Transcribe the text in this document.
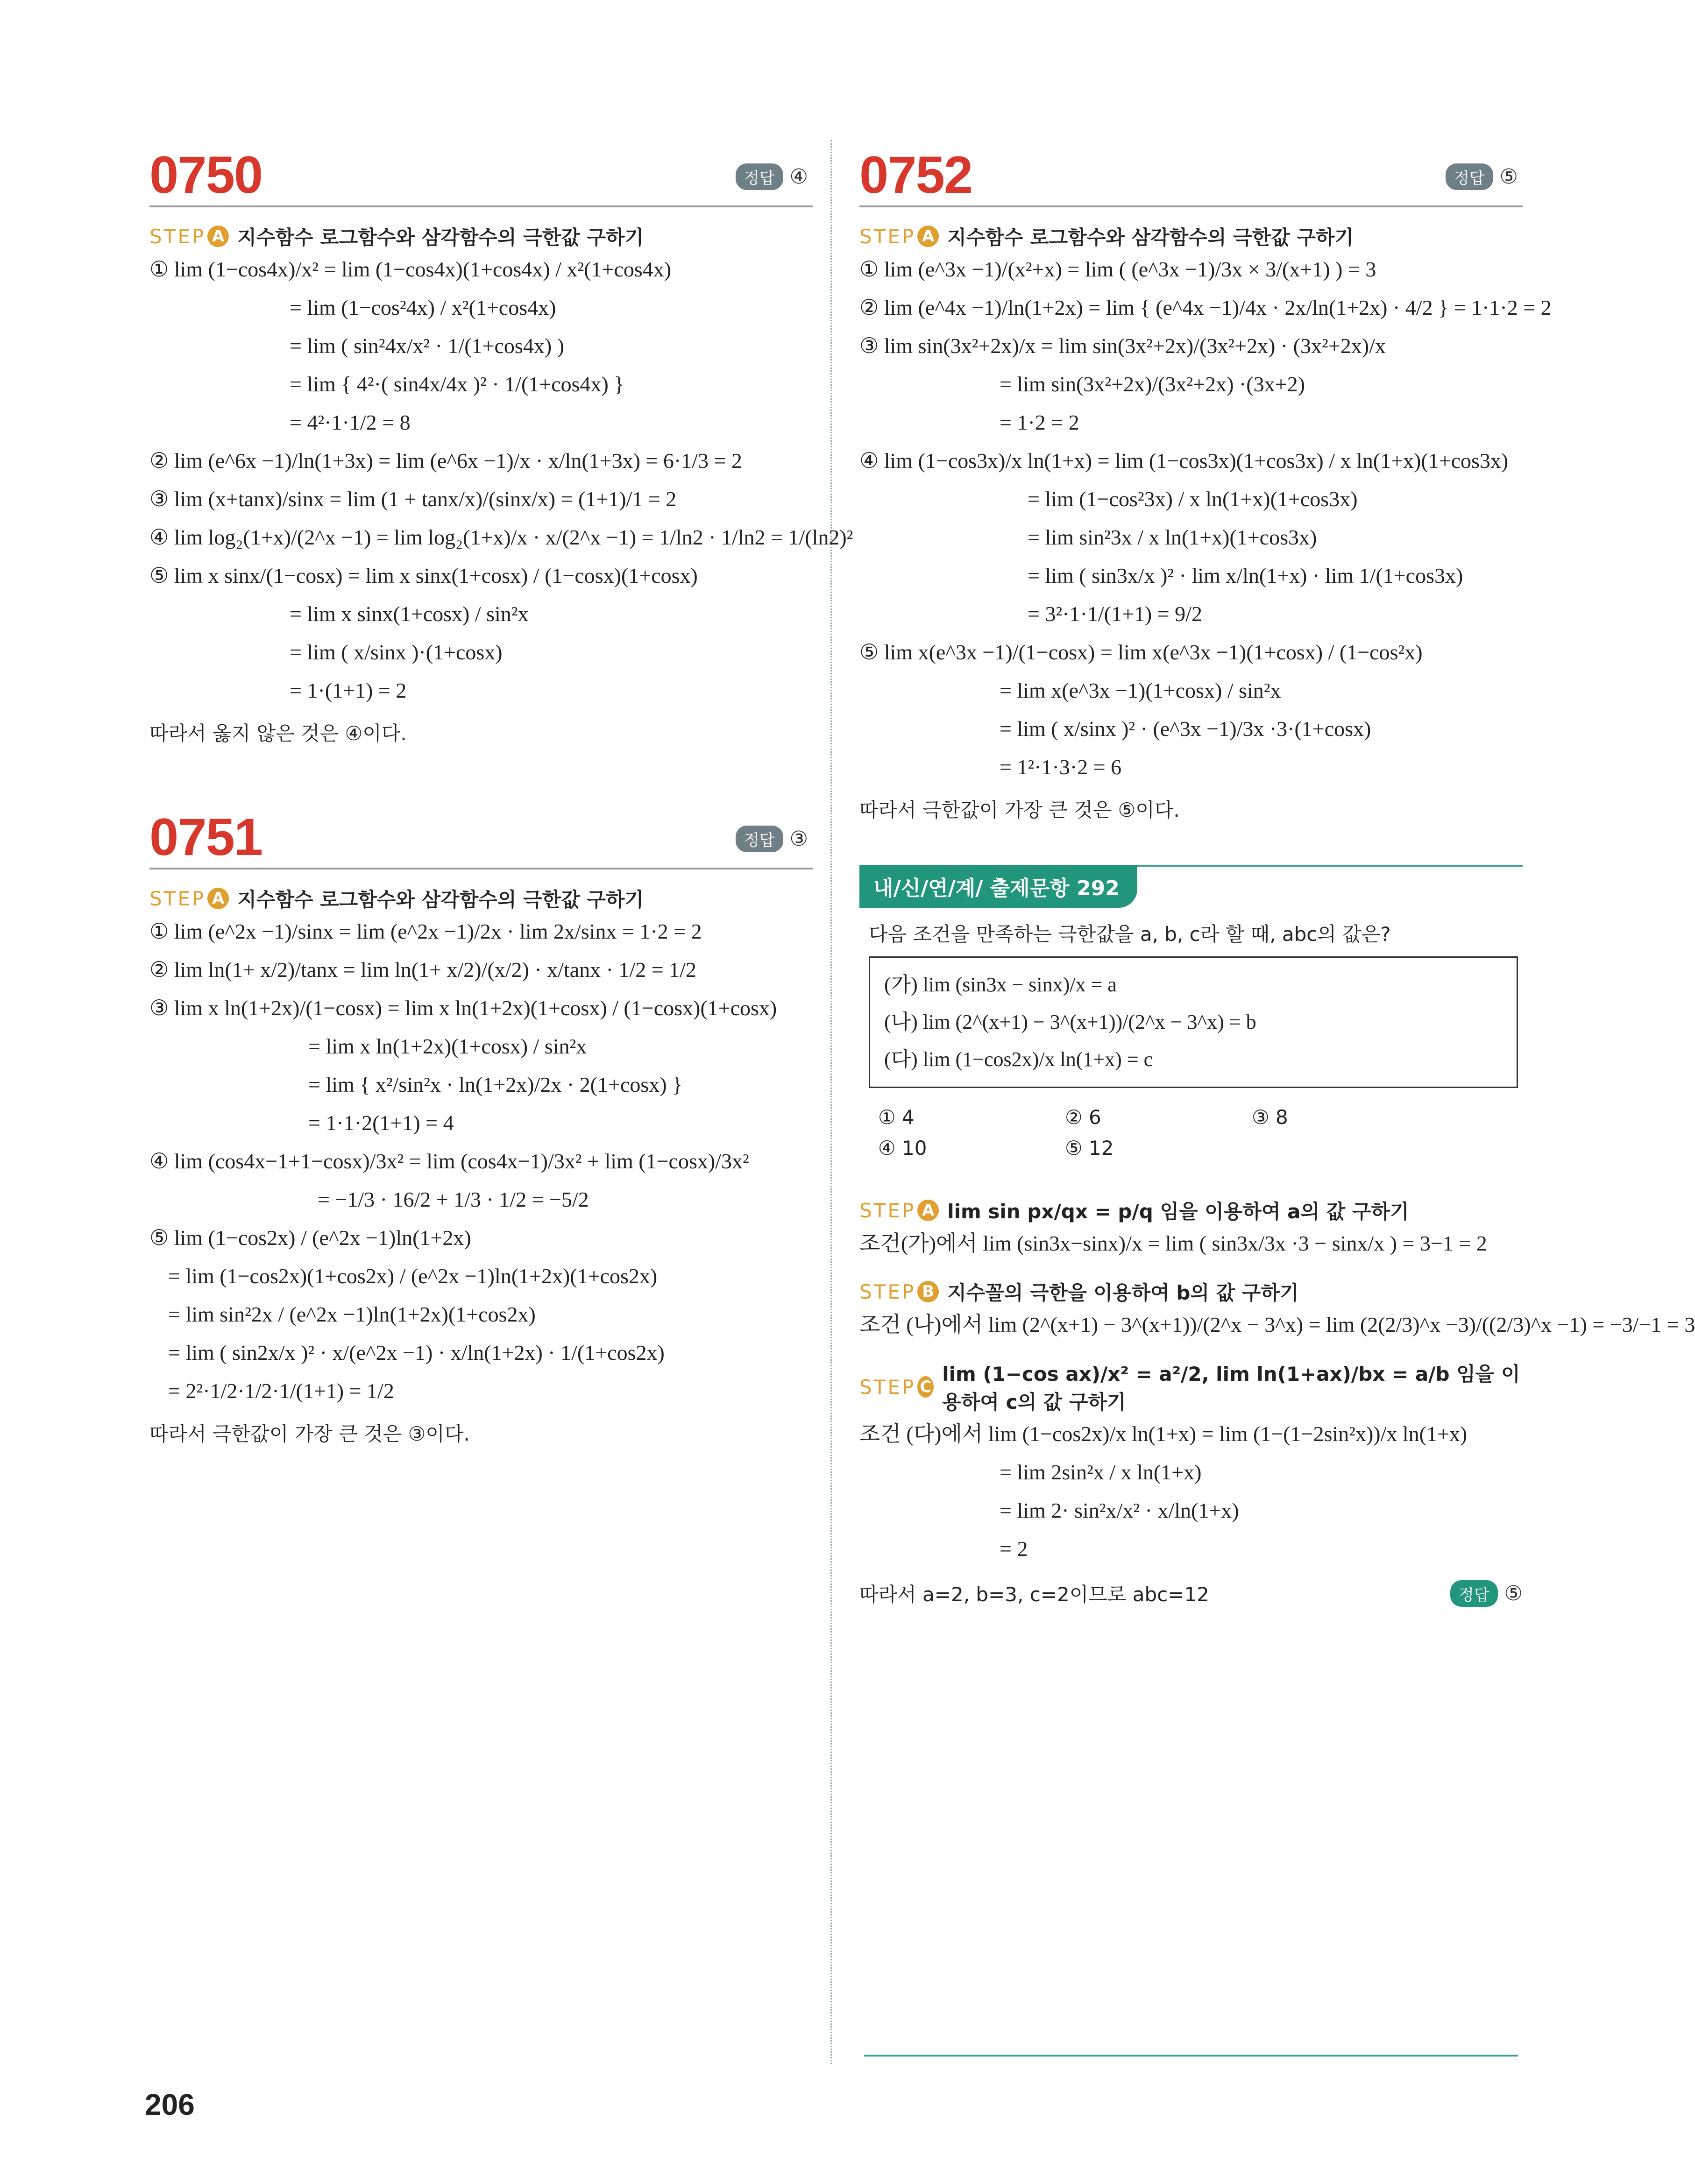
0750	정답 ④
STEP A 지수함수 로그함수와 삼각함수의 극한값 구하기
① lim (1−cos4x)/x² = lim (1−cos4x)(1+cos4x) / x²(1+cos4x)
= lim (1−cos²4x) / x²(1+cos4x)
= lim ( sin²4x/x² · 1/(1+cos4x) )
= lim { 4²·( sin4x/4x )² · 1/(1+cos4x) }
= 4²·1·1/2 = 8
② lim (e^6x −1)/ln(1+3x) = lim (e^6x −1)/x · x/ln(1+3x) = 6·1/3 = 2
③ lim (x+tanx)/sinx = lim (1 + tanx/x)/(sinx/x) = (1+1)/1 = 2
④ lim log₂(1+x)/(2^x −1) = lim log₂(1+x)/x · x/(2^x −1) = 1/ln2 · 1/ln2 = 1/(ln2)²
⑤ lim x sinx/(1−cosx) = lim x sinx(1+cosx) / (1−cosx)(1+cosx)
= lim x sinx(1+cosx) / sin²x
= lim ( x/sinx )·(1+cosx)
= 1·(1+1) = 2
따라서 옳지 않은 것은 ④이다.
0751	정답 ③
STEP A 지수함수 로그함수와 삼각함수의 극한값 구하기
① lim (e^2x −1)/sinx = lim (e^2x −1)/2x · lim 2x/sinx = 1·2 = 2
② lim ln(1+ x/2)/tanx = lim ln(1+ x/2)/(x/2) · x/tanx · 1/2 = 1/2
③ lim x ln(1+2x)/(1−cosx) = lim x ln(1+2x)(1+cosx) / (1−cosx)(1+cosx)
= lim x ln(1+2x)(1+cosx) / sin²x
= lim { x²/sin²x · ln(1+2x)/2x · 2(1+cosx) }
= 1·1·2(1+1) = 4
④ lim (cos4x−1+1−cosx)/3x² = lim (cos4x−1)/3x² + lim (1−cosx)/3x²
= −1/3 · 16/2 + 1/3 · 1/2 = −5/2
⑤ lim (1−cos2x) / (e^2x −1)ln(1+2x)
= lim (1−cos2x)(1+cos2x) / (e^2x −1)ln(1+2x)(1+cos2x)
= lim sin²2x / (e^2x −1)ln(1+2x)(1+cos2x)
= lim ( sin2x/x )² · x/(e^2x −1) · x/ln(1+2x) · 1/(1+cos2x)
= 2²·1/2·1/2·1/(1+1) = 1/2
따라서 극한값이 가장 큰 것은 ③이다.
0752	정답 ⑤
STEP A 지수함수 로그함수와 삼각함수의 극한값 구하기
① lim (e^3x −1)/(x²+x) = lim ( (e^3x −1)/3x × 3/(x+1) ) = 3
② lim (e^4x −1)/ln(1+2x) = lim { (e^4x −1)/4x · 2x/ln(1+2x) · 4/2 } = 1·1·2 = 2
③ lim sin(3x²+2x)/x = lim sin(3x²+2x)/(3x²+2x) · (3x²+2x)/x
= lim sin(3x²+2x)/(3x²+2x) ·(3x+2)
= 1·2 = 2
④ lim (1−cos3x)/x ln(1+x) = lim (1−cos3x)(1+cos3x) / x ln(1+x)(1+cos3x)
= lim (1−cos²3x) / x ln(1+x)(1+cos3x)
= lim sin²3x / x ln(1+x)(1+cos3x)
= lim ( sin3x/x )² · lim x/ln(1+x) · lim 1/(1+cos3x)
= 3²·1·1/(1+1) = 9/2
⑤ lim x(e^3x −1)/(1−cosx) = lim x(e^3x −1)(1+cosx) / (1−cos²x)
= lim x(e^3x −1)(1+cosx) / sin²x
= lim ( x/sinx )² · (e^3x −1)/3x ·3·(1+cosx)
= 1²·1·3·2 = 6
따라서 극한값이 가장 큰 것은 ⑤이다.
내/신/연/계/ 출제문항 292
다음 조건을 만족하는 극한값을 a, b, c라 할 때, abc의 값은?
(가) lim (sin3x − sinx)/x = a
(나) lim (2^(x+1) − 3^(x+1))/(2^x − 3^x) = b
(다) lim (1−cos2x)/x ln(1+x) = c
① 4	② 6	③ 8
④ 10	⑤ 12
STEP A lim sin px/qx = p/q 임을 이용하여 a의 값 구하기
조건(가)에서 lim (sin3x−sinx)/x = lim ( sin3x/3x ·3 − sinx/x ) = 3−1 = 2
STEP B 지수꼴의 극한을 이용하여 b의 값 구하기
조건 (나)에서 lim (2^(x+1) − 3^(x+1))/(2^x − 3^x) = lim (2(2/3)^x −3)/((2/3)^x −1) = −3/−1 = 3
STEP C
lim (1−cos ax)/x² = a²/2, lim ln(1+ax)/bx = a/b 임을 이용하여 c의 값 구하기
조건 (다)에서 lim (1−cos2x)/x ln(1+x) = lim (1−(1−2sin²x))/x ln(1+x)
= lim 2sin²x / x ln(1+x)
= lim 2· sin²x/x² · x/ln(1+x)
= 2
따라서 a=2, b=3, c=2이므로 abc=12	정답 ⑤
206
